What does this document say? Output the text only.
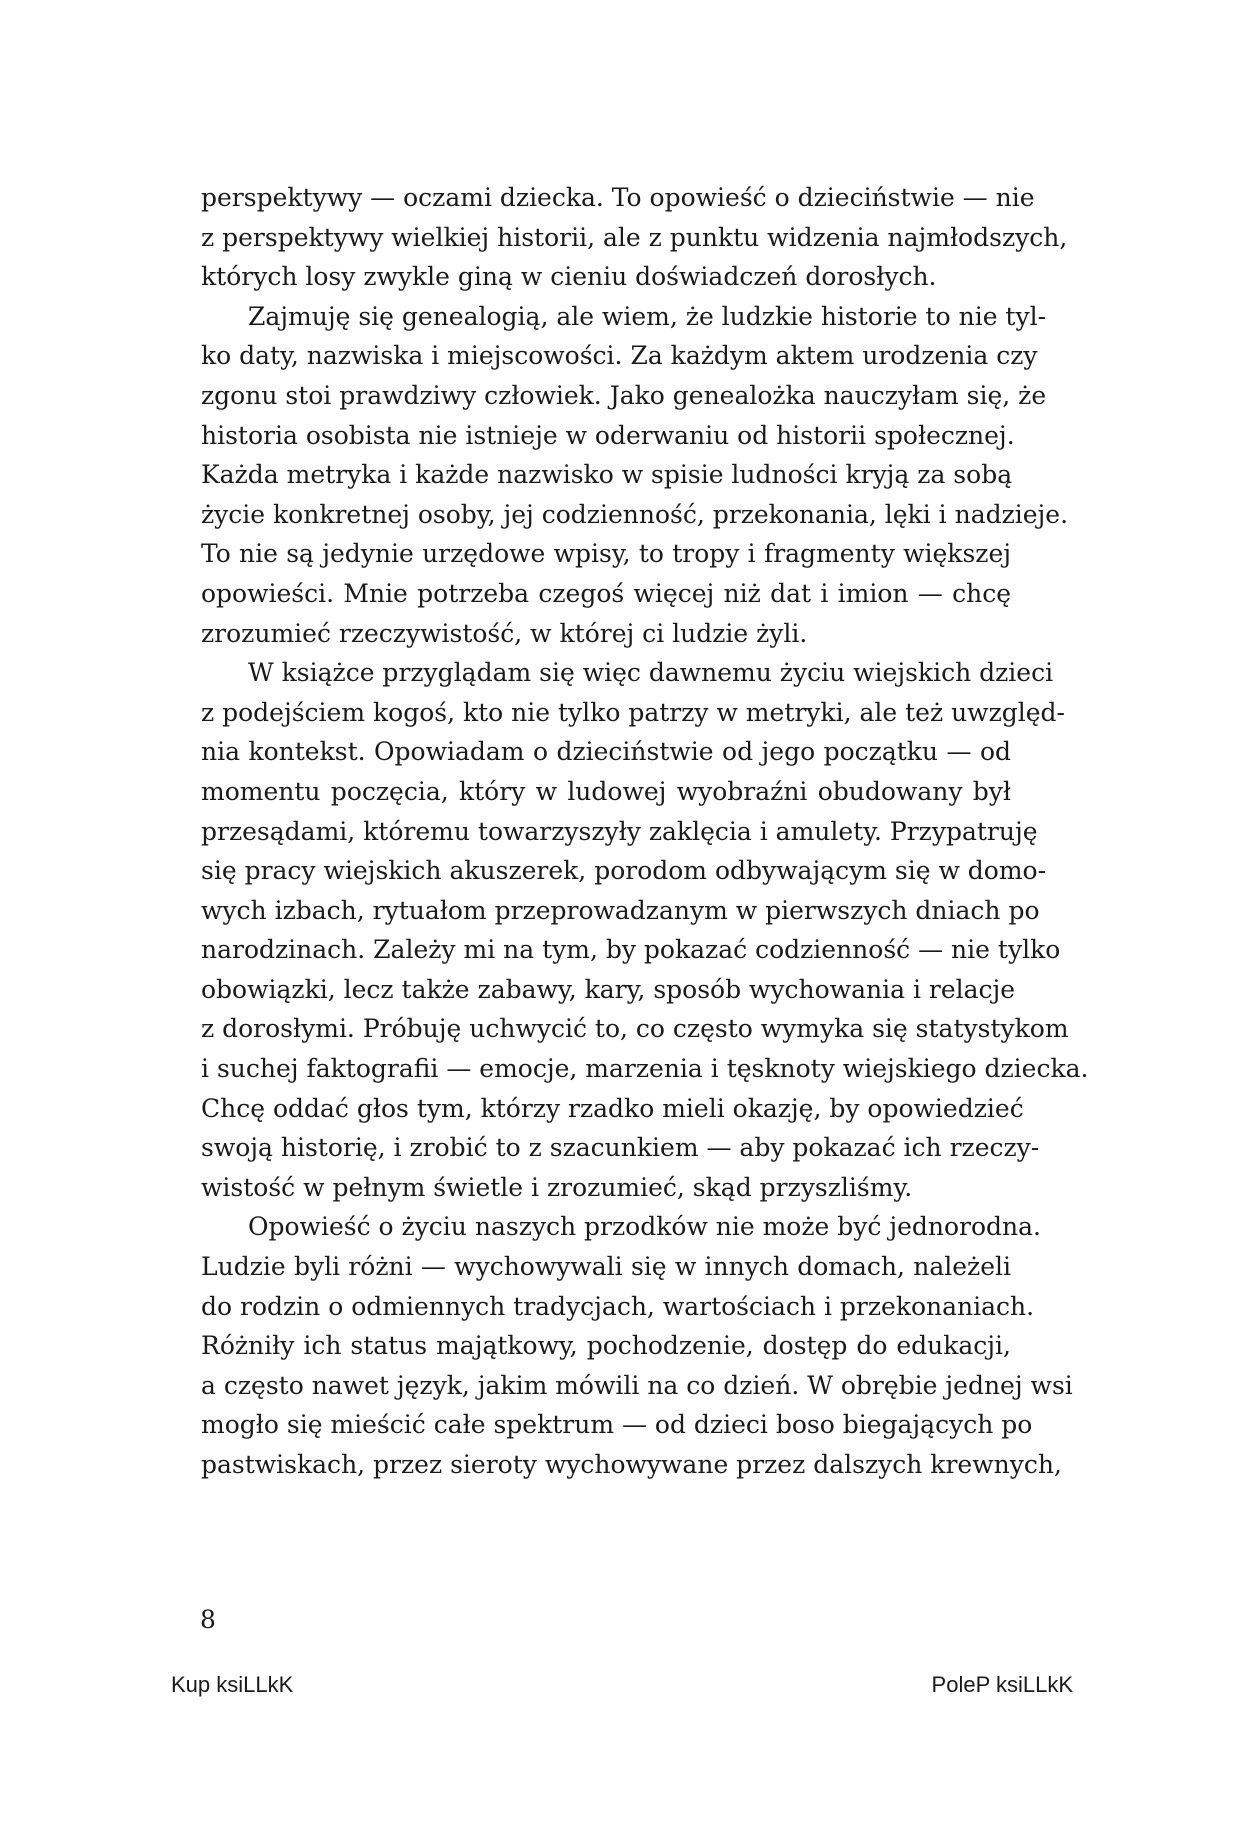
perspektywy — oczami dziecka. To opowieść o dzieciństwie — nie
z perspektywy wielkiej historii, ale z punktu widzenia najmłodszych,
których losy zwykle giną w cieniu doświadczeń dorosłych.
Zajmuję się genealogią, ale wiem, że ludzkie historie to nie tyl-
ko daty, nazwiska i miejscowości. Za każdym aktem urodzenia czy
zgonu stoi prawdziwy człowiek. Jako genealożka nauczyłam się, że
historia osobista nie istnieje w oderwaniu od historii społecznej.
Każda metryka i każde nazwisko w spisie ludności kryją za sobą
życie konkretnej osoby, jej codzienność, przekonania, lęki i nadzieje.
To nie są jedynie urzędowe wpisy, to tropy i fragmenty większej
opowieści. Mnie potrzeba czegoś więcej niż dat i imion — chcę
zrozumieć rzeczywistość, w której ci ludzie żyli.
W książce przyglądam się więc dawnemu życiu wiejskich dzieci
z podejściem kogoś, kto nie tylko patrzy w metryki, ale też uwzględ-
nia kontekst. Opowiadam o dzieciństwie od jego początku — od
momentu poczęcia, który w ludowej wyobraźni obudowany był
przesądami, któremu towarzyszyły zaklęcia i amulety. Przypatruję
się pracy wiejskich akuszerek, porodom odbywającym się w domo-
wych izbach, rytuałom przeprowadzanym w pierwszych dniach po
narodzinach. Zależy mi na tym, by pokazać codzienność — nie tylko
obowiązki, lecz także zabawy, kary, sposób wychowania i relacje
z dorosłymi. Próbuję uchwycić to, co często wymyka się statystykom
i suchej faktografii — emocje, marzenia i tęsknoty wiejskiego dziecka.
Chcę oddać głos tym, którzy rzadko mieli okazję, by opowiedzieć
swoją historię, i zrobić to z szacunkiem — aby pokazać ich rzeczy-
wistość w pełnym świetle i zrozumieć, skąd przyszliśmy.
Opowieść o życiu naszych przodków nie może być jednorodna.
Ludzie byli różni — wychowywali się w innych domach, należeli
do rodzin o odmiennych tradycjach, wartościach i przekonaniach.
Różniły ich status majątkowy, pochodzenie, dostęp do edukacji,
a często nawet język, jakim mówili na co dzień. W obrębie jednej wsi
mogło się mieścić całe spektrum — od dzieci boso biegających po
pastwiskach, przez sieroty wychowywane przez dalszych krewnych,
8
Kup ksiLLkK	PoleP ksiLLkK
